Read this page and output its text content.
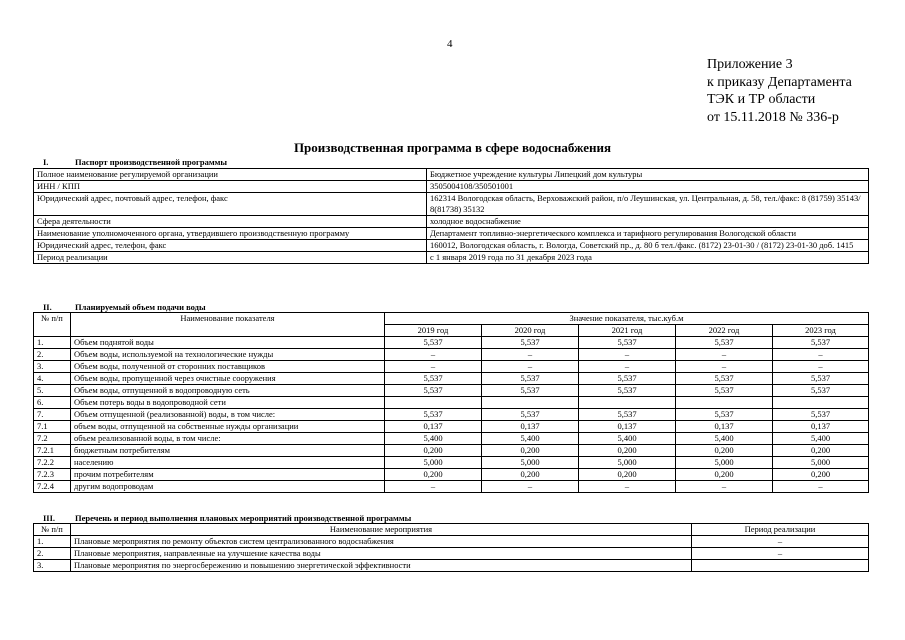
4
Приложение 3
к приказу Департамента
ТЭК и ТР области
от 15.11.2018 № 336-р
Производственная программа в сфере водоснабжения
I.	Паспорт производственной программы
Полное наименование регулируемой организации	Бюджетное учреждение культуры Липецкий дом культуры
ИНН / КПП	3505004108/350501001
Юридический адрес, почтовый адрес, телефон, факс	162314 Вологодская область, Верховажский район, п/о Леушинская, ул. Центральная, д. 58, тел./факс: 8 (81759) 35143/ 8(81738) 35132
Сфера деятельности	холодное водоснабжение
Наименование уполномоченного органа, утвердившего производственную программу	Департамент топливно-энергетического комплекса и тарифного регулирования Вологодской области
Юридический адрес, телефон, факс	160012, Вологодская область, г. Вологда, Советский пр., д. 80 б тел./факс. (8172) 23-01-30 / (8172) 23-01-30 доб. 1415
Период реализации	с 1 января 2019 года по 31 декабря 2023 года
II.	Планируемый объем подачи воды
№ п/п	Наименование показателя	Значение показателя, тыс.куб.м				
		2019 год	2020 год	2021 год	2022 год	2023 год
1.	Объем поднятой воды	5,537	5,537	5,537	5,537	5,537
2.	Объем воды, используемой на технологические нужды	–	–	–	–	–
3.	Объем воды, полученной от сторонних поставщиков	–	–	–	–	–
4.	Объем воды, пропущенной через очистные сооружения	5,537	5,537	5,537	5,537	5,537
5.	Объем воды, отпущенной в водопроводную сеть	5,537	5,537	5,537	5,537	5,537
6.	Объем потерь воды в водопроводной сети					
7.	Объем отпущенной (реализованной) воды, в том числе:	5,537	5,537	5,537	5,537	5,537
7.1	объем воды, отпущенной на собственные нужды организации	0,137	0,137	0,137	0,137	0,137
7.2	объем реализованной воды, в том числе:	5,400	5,400	5,400	5,400	5,400
7.2.1	бюджетным потребителям	0,200	0,200	0,200	0,200	0,200
7.2.2	населению	5,000	5,000	5,000	5,000	5,000
7.2.3	прочим потребителям	0,200	0,200	0,200	0,200	0,200
7.2.4	другим водопроводам	–	–	–	–	–
III. Перечень и период выполнения плановых мероприятий производственной программы
№ п/п	Наименование мероприятия	Период реализации
1.	Плановые мероприятия по ремонту объектов систем централизованного водоснабжения	–
2.	Плановые мероприятия, направленные на улучшение качества воды	–
3.	Плановые мероприятия по энергосбережению и повышению энергетической эффективности	
